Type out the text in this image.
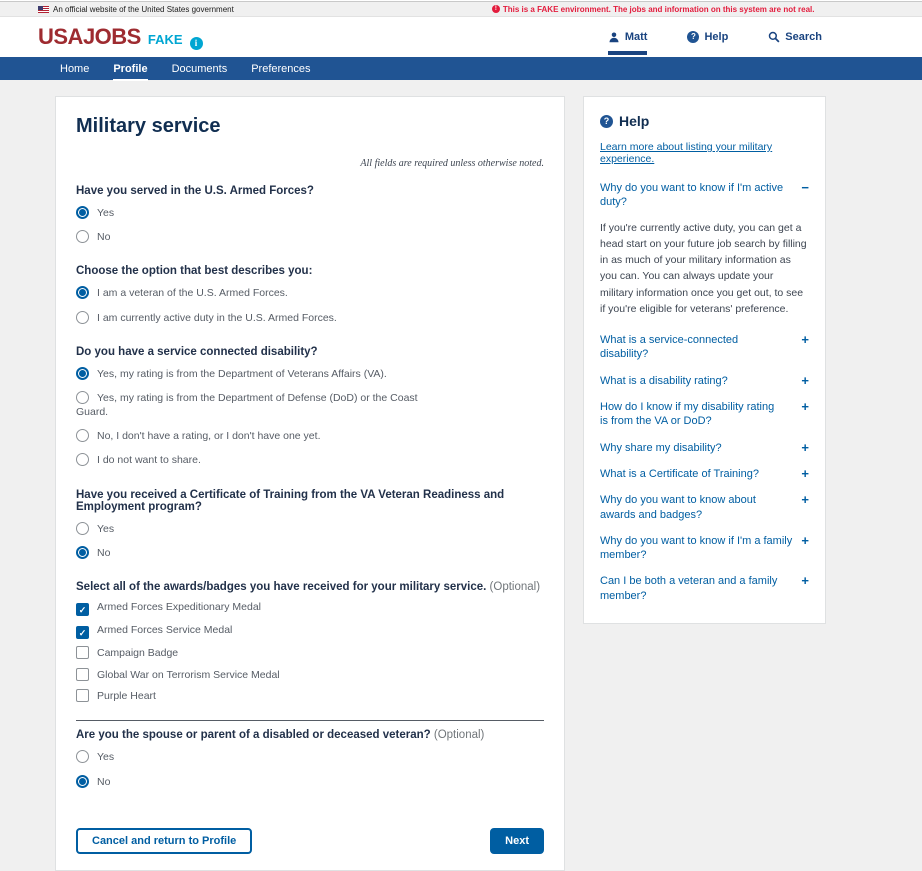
An official website of the United States government	! This is a FAKE environment. The jobs and information on this system are not real.
USAJOBS FAKE	i	Matt	? Help	Search
Home Profile Documents Preferences
Military service
All fields are required unless otherwise noted.
Have you served in the U.S. Armed Forces?
Yes
No
Choose the option that best describes you:
I am a veteran of the U.S. Armed Forces.
I am currently active duty in the U.S. Armed Forces.
Do you have a service connected disability?
Yes, my rating is from the Department of Veterans Affairs (VA).
Yes, my rating is from the Department of Defense (DoD) or the Coast Guard.
No, I don't have a rating, or I don't have one yet.
I do not want to share.
Have you received a Certificate of Training from the VA Veteran Readiness and Employment program?
Yes
No
Select all of the awards/badges you have received for your military service. (Optional)
✓ Armed Forces Expeditionary Medal
✓ Armed Forces Service Medal
Campaign Badge
Global War on Terrorism Service Medal
Purple Heart
Are you the spouse or parent of a disabled or deceased veteran? (Optional)
Yes
No
Cancel and return to Profile	Next
? Help
Learn more about listing your military experience.
Why do you want to know if I'm active duty?
−
If you're currently active duty, you can get a head start on your future job search by filling in as much of your military information as you can. You can always update your military information once you get out, to see if you're eligible for veterans' preference.
What is a service-connected disability?
+
What is a disability rating?	+
How do I know if my disability rating is from the VA or DoD?
+
Why share my disability?	+
What is a Certificate of Training?	+
Why do you want to know about awards and badges?
+
Why do you want to know if I'm a family member?
+
Can I be both a veteran and a family member?
+
